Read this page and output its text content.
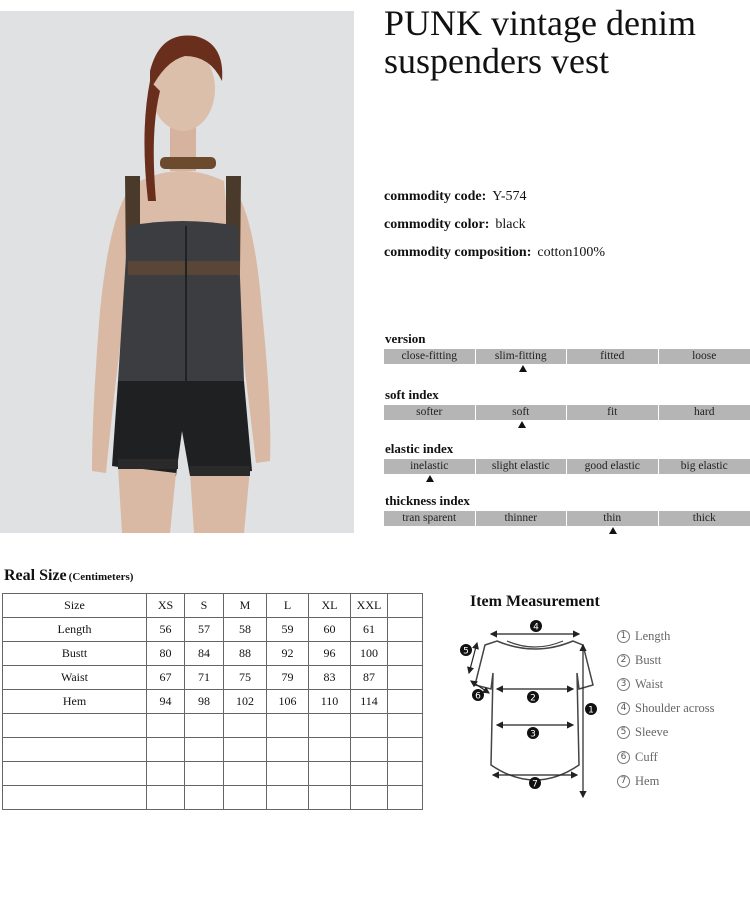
PUNK vintage denim suspenders vest
commodity code: Y-574
commodity color: black
commodity composition: cotton100%
version
close-fitting	slim-fitting	fitted	loose
soft index
softer	soft	fit	hard
elastic index
inelastic	slight elastic	good elastic	big elastic
thickness index
tran sparent	thinner	thin	thick
Real Size (Centimeters)
Size	XS	S	M	L	XL	XXL	
Length	56	57	58	59	60	61	
Bustt	80	84	88	92	96	100	
Waist	67	71	75	79	83	87	
Hem	94	98	102	106	110	114	

Item Measurement
4
5
6	2
3
7
1
1 Length
2 Bustt
3 Waist
4 Shoulder across
5 Sleeve
6 Cuff
7 Hem
